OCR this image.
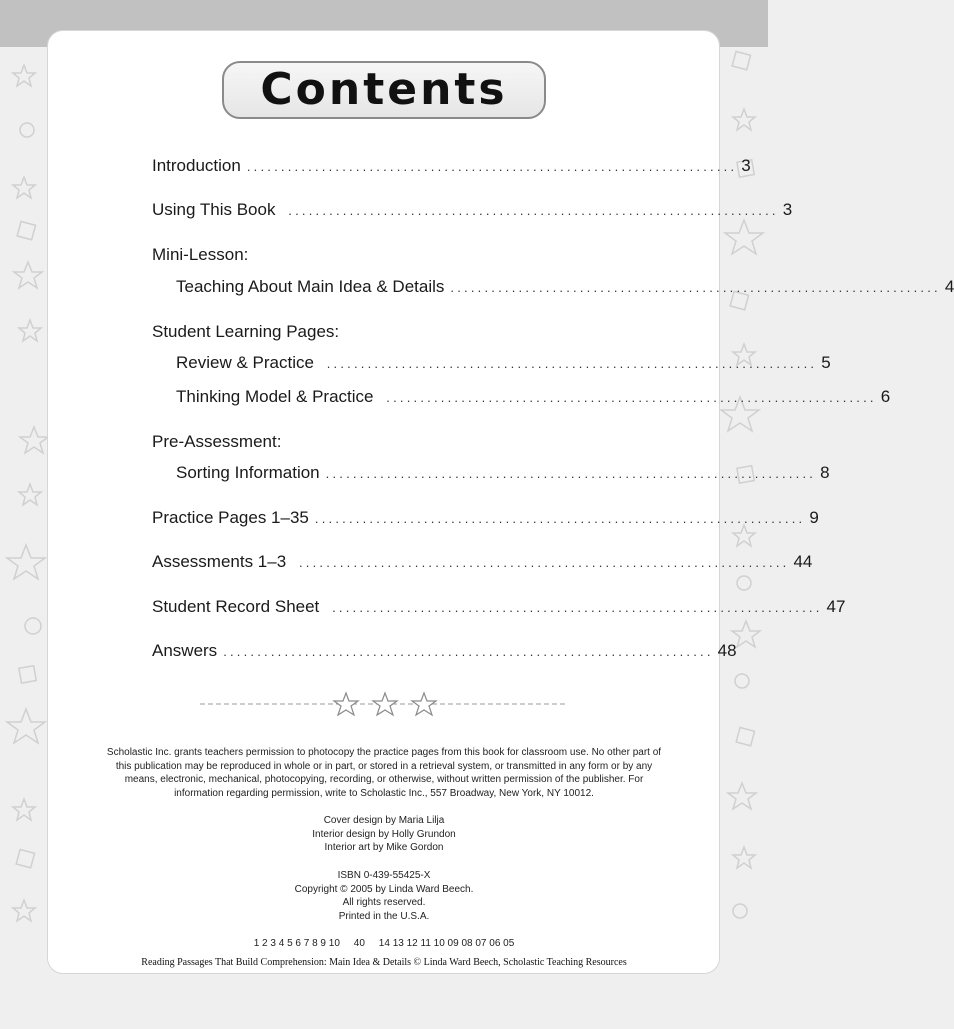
Contents
Introduction ........................................................................ 3
Using This Book ........................................................................ 3
Mini-Lesson:
Teaching About Main Idea & Details ........................................................................ 4
Student Learning Pages:
Review & Practice ........................................................................ 5
Thinking Model & Practice ........................................................................ 6
Pre-Assessment:
Sorting Information ........................................................................ 8
Practice Pages 1–35 ........................................................................ 9
Assessments 1–3 ........................................................................ 44
Student Record Sheet ........................................................................ 47
Answers ........................................................................ 48
Scholastic Inc. grants teachers permission to photocopy the practice pages from this book for classroom use. No other part of this publication may be reproduced in whole or in part, or stored in a retrieval system, or transmitted in any form or by any means, electronic, mechanical, photocopying, recording, or otherwise, without written permission of the publisher. For information regarding permission, write to Scholastic Inc., 557 Broadway, New York, NY 10012.
Cover design by Maria Lilja
Interior design by Holly Grundon
Interior art by Mike Gordon
ISBN 0-439-55425-X
Copyright © 2005 by Linda Ward Beech.
All rights reserved.
Printed in the U.S.A.
1 2 3 4 5 6 7 8 9 10     40     14 13 12 11 10 09 08 07 06 05
Reading Passages That Build Comprehension: Main Idea & Details © Linda Ward Beech, Scholastic Teaching Resources
